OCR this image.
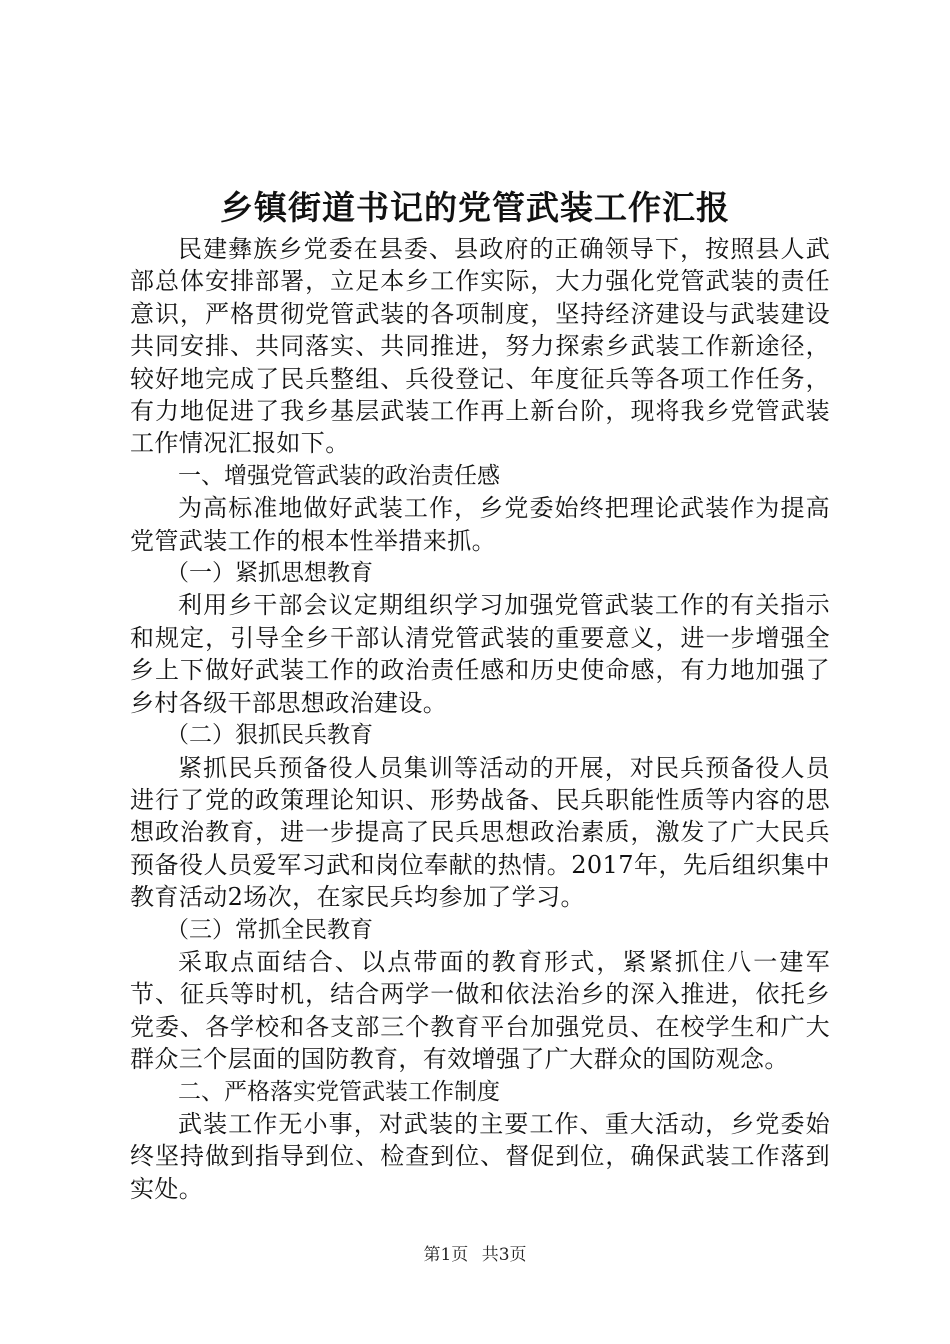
乡镇街道书记的党管武装工作汇报

民建彝族乡党委在县委、县政府的正确领导下，按照县人武部总体安排部署，立足本乡工作实际，大力强化党管武装的责任意识，严格贯彻党管武装的各项制度，坚持经济建设与武装建设共同安排、共同落实、共同推进，努力探索乡武装工作新途径，较好地完成了民兵整组、兵役登记、年度征兵等各项工作任务，有力地促进了我乡基层武装工作再上新台阶，现将我乡党管武装工作情况汇报如下。

一、增强党管武装的政治责任感

为高标准地做好武装工作，乡党委始终把理论武装作为提高党管武装工作的根本性举措来抓。

（一）紧抓思想教育

利用乡干部会议定期组织学习加强党管武装工作的有关指示和规定，引导全乡干部认清党管武装的重要意义，进一步增强全乡上下做好武装工作的政治责任感和历史使命感，有力地加强了乡村各级干部思想政治建设。

（二）狠抓民兵教育

紧抓民兵预备役人员集训等活动的开展，对民兵预备役人员进行了党的政策理论知识、形势战备、民兵职能性质等内容的思想政治教育，进一步提高了民兵思想政治素质，激发了广大民兵预备役人员爱军习武和岗位奉献的热情。2017年，先后组织集中教育活动2场次，在家民兵均参加了学习。

（三）常抓全民教育

采取点面结合、以点带面的教育形式，紧紧抓住八一建军节、征兵等时机，结合两学一做和依法治乡的深入推进，依托乡党委、各学校和各支部三个教育平台加强党员、在校学生和广大群众三个层面的国防教育，有效增强了广大群众的国防观念。

二、严格落实党管武装工作制度

武装工作无小事，对武装的主要工作、重大活动，乡党委始终坚持做到指导到位、检查到位、督促到位，确保武装工作落到实处。

第1页 共3页
